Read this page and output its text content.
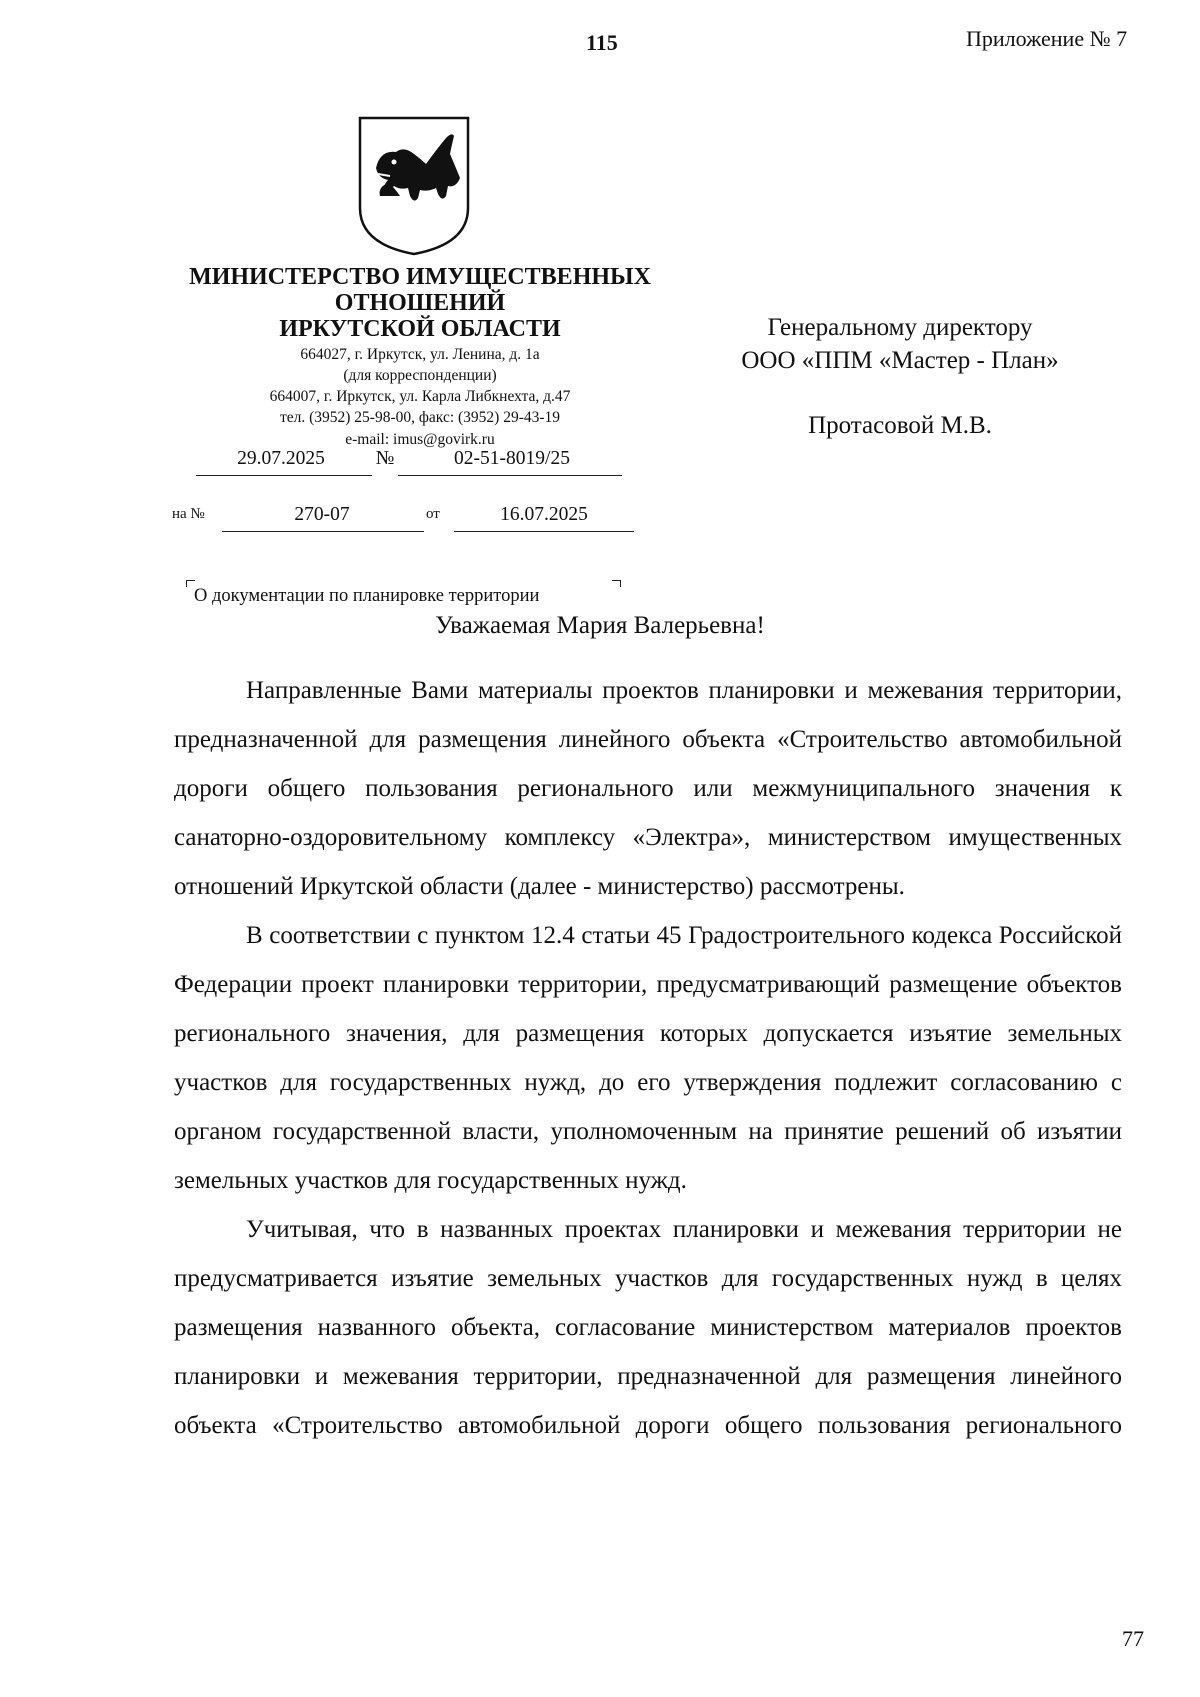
115	Приложение № 7
МИНИСТЕРСТВО ИМУЩЕСТВЕННЫХ
ОТНОШЕНИЙ
ИРКУТСКОЙ ОБЛАСТИ
664027, г. Иркутск, ул. Ленина, д. 1а
(для корреспонденции)
664007, г. Иркутск, ул. Карла Либкнехта, д.47
тел. (3952) 25-98-00, факс: (3952) 29-43-19
e-mail: imus@govirk.ru
29.07.2025	№	02-51-8019/25
на №	270-07	от	16.07.2025
Генеральному директору
ООО «ППМ «Мастер - План»
Протасовой М.В.
О документации по планировке территории
Уважаемая Мария Валерьевна!

Направленные Вами материалы проектов планировки и межевания территории, предназначенной для размещения линейного объекта «Строительство автомобильной дороги общего пользования регионального или межмуниципального значения к санаторно-оздоровительному комплексу «Электра», министерством имущественных отношений Иркутской области (далее - министерство) рассмотрены.

В соответствии с пунктом 12.4 статьи 45 Градостроительного кодекса Российской Федерации проект планировки территории, предусматривающий размещение объектов регионального значения, для размещения которых допускается изъятие земельных участков для государственных нужд, до его утверждения подлежит согласованию с органом государственной власти, уполномоченным на принятие решений об изъятии земельных участков для государственных нужд.

Учитывая, что в названных проектах планировки и межевания территории не предусматривается изъятие земельных участков для государственных нужд в целях размещения названного объекта, согласование министерством материалов проектов планировки и межевания территории, предназначенной для размещения линейного объекта «Строительство автомобильной дороги общего пользования регионального

77
